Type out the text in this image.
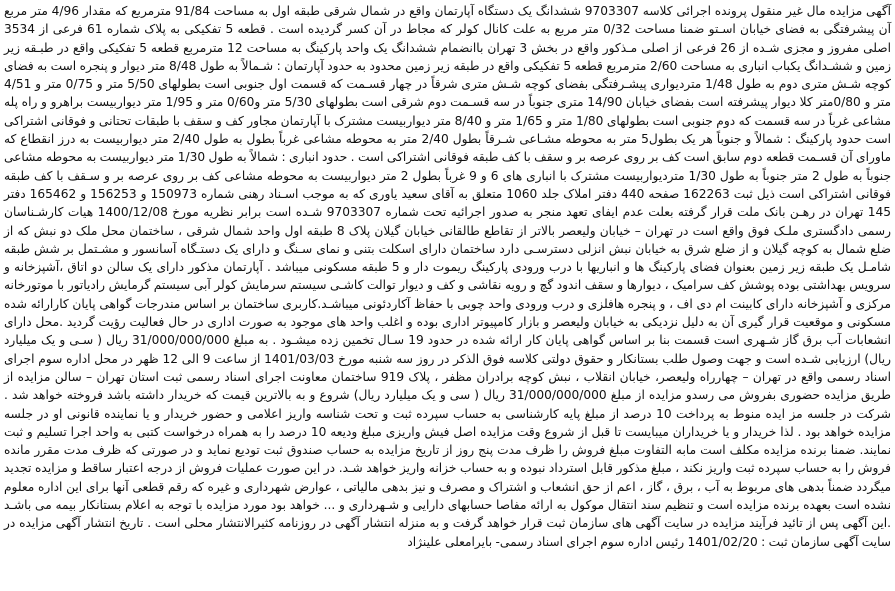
آگهی مزایده مال غیر منقول پرونده اجرائی کلاسه 9703307 ششدانگ یک دستگاه آپارتمان واقع در شمال شرقی طبقه اول به مساحت 91/84 مترمربع که مقدار 4/96 متر مربع آن پیشرفتگی به فضای خیابان اسـتو ضمنا مساحت 0/32 متر مربع به علت کانال کولر که مجاط در آن کسر گردیده است . قطعه 5 تفکیکی به پلاک شماره 61 فرعی از 3534 اصلی مفروز و مجزی شـده از 26 فرعی از اصلی مـذکور واقع در بخش 3 تهران باانضمام ششدانگ یک واحد پارکینگ به مساحت 12 مترمربع قطعه 5 تفکیکی واقع در طبـقه زیر زمین و ششـدانگ یکباب انباری به مساحت 2/60 مترمربع قطعه 5 تفکیکی واقع در طبقه زیر زمین محدود به حدود آپارتمان : شـمالاً به طول 8/48 متر دیوار و پنجره است به فضای کوچه شـش متری دوم به طول 1/48 متردیواری پیشـرفتگی بفضای کوچه شـش متری شرقاً در چهار قسـمت که قسمت اول جنوبی است بطولهای 5/50 متر و 0/75 متر و 4/51 متر و 0/80متر کلا دیوار پیشرفته است بفضای خیابان 14/90 متری جنوباً در سه قسـمت دوم شرقی است بطولهای 5/30 متر و0/60 متر و 1/95 متر دیواربیست براهرو و راه پله مشاعی غرباً در سه قسمت که دوم جنوبی است بطولهای 1/80 متر و 1/65 متر و 8/40 متر دیواربیست مشترک با آپارتمان مجاور کف و سقف با طبقات تحتانی و فوقانی اشتراکی است حدود پارکینگ : شمالاً و جنوباً هر یک بطول5 متر به محوطه مشـاعی شـرقاً بطول 2/40 متر به محوطه مشاعی غرباً بطول به طول 2/40 متر دیواربیست به درز انقطاع که ماورای آن قسـمت قطعه دوم سابق است کف بر روی عرصه بر و سقف با کف طبقه فوقانی اشتراکی است . حدود انباری : شمالاً به طول 1/30 متر دیواربیست به محوطه مشاعی جنوباً به طول 2 متر جنوباً به طول 1/30 متردیواربیست مشترک با انباری های 6 و 9 غرباً بطول 2 متر دیواربیست به محوطه مشاعی کف بر روی عرصه بر و سـقف با کف طبقه فوقانی اشتراکی است ذیل ثبت 162263 صفحه 440 دفتر املاک جلد 1060 متعلق به آقای سعید یاوری که به موجب اسـناد رهنی شماره 150973 و 156253 و 165462 دفتر 145 تهران در رهـن بانک ملت قرار گرفته بعلت عدم ایفای تعهد منجر به صدور اجرائیه تحت شماره 9703307 شـده است برابر نظریه مورخ 1400/12/08 هیات کارشـناسان رسمی دادگستری ملـک فوق واقع است در تهران – خیابان ولیعصر بالاتر از تقاطع طالقانی خیابان گیلان پلاک 8 طبقه اول واحد شمال شرقی ، ساختمان محل ملک دو نبش که از ضلع شمال به کوچه گیلان و از ضلع شرق به خیابان نبش انزلی دسترسـی دارد ساختمان دارای اسکلت بتنی و نمای سـنگ و دارای یک دستـگاه آسانسور و مشـتمل بر شش طبقه شامـل یک طبقه زیر زمین بعنوان فضای پارکینگ ها و انباریها با درب ورودی پارکینگ ریموت دار و 5 طبقه مسکونی میباشد . آپارتمان مذکور دارای یک سالن دو اتاق ،آشپزخانه و سرویس بهداشتی بوده پوشش کف سرامیک ، دیوارها و سقف اندود گچ و رویه نقاشی و کف و دیوار توالت کاشـی سیستم سرمایش کولر آبی سیستم گرمایش رادیاتور با موتورخانه مرکزی و آشپزخانه دارای کابینت ام دی اف ، و پنجره هافلزی و درب ورودی واحد چوبی با حفاظ آکاردئونی میباشـد.کاربری ساختمان بر اساس مندرجات گواهی پایان کارارائه شده مسکونی و موقعیت قرار گیری آن به دلیل نزدیکی به خیابان ولیعصر و بازار کامپیوتر اداری بوده و اغلب واحد های موجود به صورت اداری در حال فعالیت رؤیت گردید .محل دارای انشعابات آب برق گاز شـهری است قسمت بنا بر اساس گواهی پایان کار ارائه شده در حدود 19 سـال تخمین زده میشـود . به مبلغ 31/000/000/000 ریال ( سـی و یک میلیارد ریال) ارزیابی شـده است و جهت وصول طلب بستانکار و حقوق دولتی کلاسه فوق الذکر در روز سه شنبه مورخ 1401/03/03 از ساعت 9 الی 12 ظهر در محل اداره سوم اجرای اسناد رسمی واقع در تهران – چهارراه ولیعصر، خیابان انقلاب ، نبش کوچه برادران مظفر ، پلاک 919 ساختمان معاونت اجرای اسناد رسمی ثبت استان تهران – سالن مزایده از طریق مزایده حضوری بفروش می رسدو مزایده از مبلغ 31/000/000/000 ریال ( سی و یک میلیارد ریال) شروع و به بالاترین قیمت که خریدار داشته باشد فروخته خواهد شد . شرکت در جلسه مز ایده منوط به پرداخت 10 درصد از مبلغ پایه کارشناسی به حساب سپرده ثبت و تحت شناسه واریز اعلامی و حضور خریدار و یا نماینده قانونی او در جلسه مزایده خواهد بود . لذا خریدار و یا خریداران میبایست تا قبل از شروع وقت مزایده اصل فیش واریزی مبلغ ودیعه 10 درصد را به همراه درخواست کتبی به واحد اجرا تسلیم و ثبت نمایند. ضمنا برنده مزایده مکلف است مابه التفاوت مبلغ فروش را ظرف مدت پنج روز از تاریخ مزایده به حساب صندوق ثبت تودیع نماید و در صورتی که ظرف مدت مقرر مانده فروش را به حساب سپرده ثبت واریز نکند ، مبلغ مذکور قابل استرداد نبوده و به حساب خزانه واریز خواهد شـد. در این صورت عملیات فروش از درجه اعتبار ساقط و مزایده تجدید میگردد ضمناً بدهی های مربوط به آب ، برق ، گاز ، اعم از حق انشعاب و اشتراک و مصرف و نیز بدهی مالیاتی ، عوارض شهرداری و غیره که رقم قطعی آنها برای این اداره معلوم نشده است بعهده برنده مزایده است و تنظیم سند انتقال موکول به ارائه مفاصا حسابهای دارایی و شـهرداری و ... خواهد بود مورد مزایده با توجه به اعلام بستانکار بیمه می باشـد .این آگهی پس از تائید فرآیند مزایده در سایت آگهی های سازمان ثبت قرار خواهد گرفت و به منزله انتشار آگهی در روزنامه کثیرالانتشار محلی است . تاریخ انتشار آگهی مزایده در سایت آگهی سازمان ثبت : 1401/02/20 رئیس اداره سوم اجرای اسناد رسمی- بایرامعلی علینژاد
